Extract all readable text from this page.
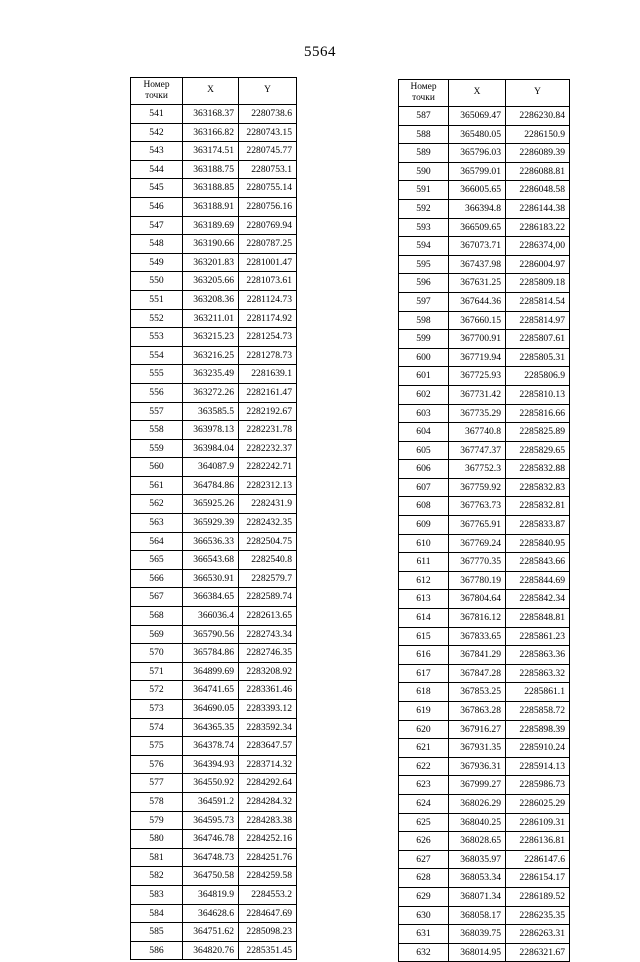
5564
Номер
точки	X	Y
541	363168.37	2280738.6
542	363166.82	2280743.15
543	363174.51	2280745.77
544	363188.75	2280753.1
545	363188.85	2280755.14
546	363188.91	2280756.16
547	363189.69	2280769.94
548	363190.66	2280787.25
549	363201.83	2281001.47
550	363205.66	2281073.61
551	363208.36	2281124.73
552	363211.01	2281174.92
553	363215.23	2281254.73
554	363216.25	2281278.73
555	363235.49	2281639.1
556	363272.26	2282161.47
557	363585.5	2282192.67
558	363978.13	2282231.78
559	363984.04	2282232.37
560	364087.9	2282242.71
561	364784.86	2282312.13
562	365925.26	2282431.9
563	365929.39	2282432.35
564	366536.33	2282504.75
565	366543.68	2282540.8
566	366530.91	2282579.7
567	366384.65	2282589.74
568	366036.4	2282613.65
569	365790.56	2282743.34
570	365784.86	2282746.35
571	364899.69	2283208.92
572	364741.65	2283361.46
573	364690.05	2283393.12
574	364365.35	2283592.34
575	364378.74	2283647.57
576	364394.93	2283714.32
577	364550.92	2284292.64
578	364591.2	2284284.32
579	364595.73	2284283.38
580	364746.78	2284252.16
581	364748.73	2284251.76
582	364750.58	2284259.58
583	364819.9	2284553.2
584	364628.6	2284647.69
585	364751.62	2285098.23
586	364820.76	2285351.45
Номер
точки	X	Y
587	365069.47	2286230.84
588	365480.05	2286150.9
589	365796.03	2286089.39
590	365799.01	2286088.81
591	366005.65	2286048.58
592	366394.8	2286144.38
593	366509.65	2286183.22
594	367073.71	2286374,00
595	367437.98	2286004.97
596	367631.25	2285809.18
597	367644.36	2285814.54
598	367660.15	2285814.97
599	367700.91	2285807.61
600	367719.94	2285805.31
601	367725.93	2285806.9
602	367731.42	2285810.13
603	367735.29	2285816.66
604	367740.8	2285825.89
605	367747.37	2285829.65
606	367752.3	2285832.88
607	367759.92	2285832.83
608	367763.73	2285832.81
609	367765.91	2285833.87
610	367769.24	2285840.95
611	367770.35	2285843.66
612	367780.19	2285844.69
613	367804.64	2285842.34
614	367816.12	2285848.81
615	367833.65	2285861.23
616	367841.29	2285863.36
617	367847.28	2285863.32
618	367853.25	2285861.1
619	367863.28	2285858.72
620	367916.27	2285898.39
621	367931.35	2285910.24
622	367936.31	2285914.13
623	367999.27	2285986.73
624	368026.29	2286025.29
625	368040.25	2286109.31
626	368028.65	2286136.81
627	368035.97	2286147.6
628	368053.34	2286154.17
629	368071.34	2286189.52
630	368058.17	2286235.35
631	368039.75	2286263.31
632	368014.95	2286321.67
